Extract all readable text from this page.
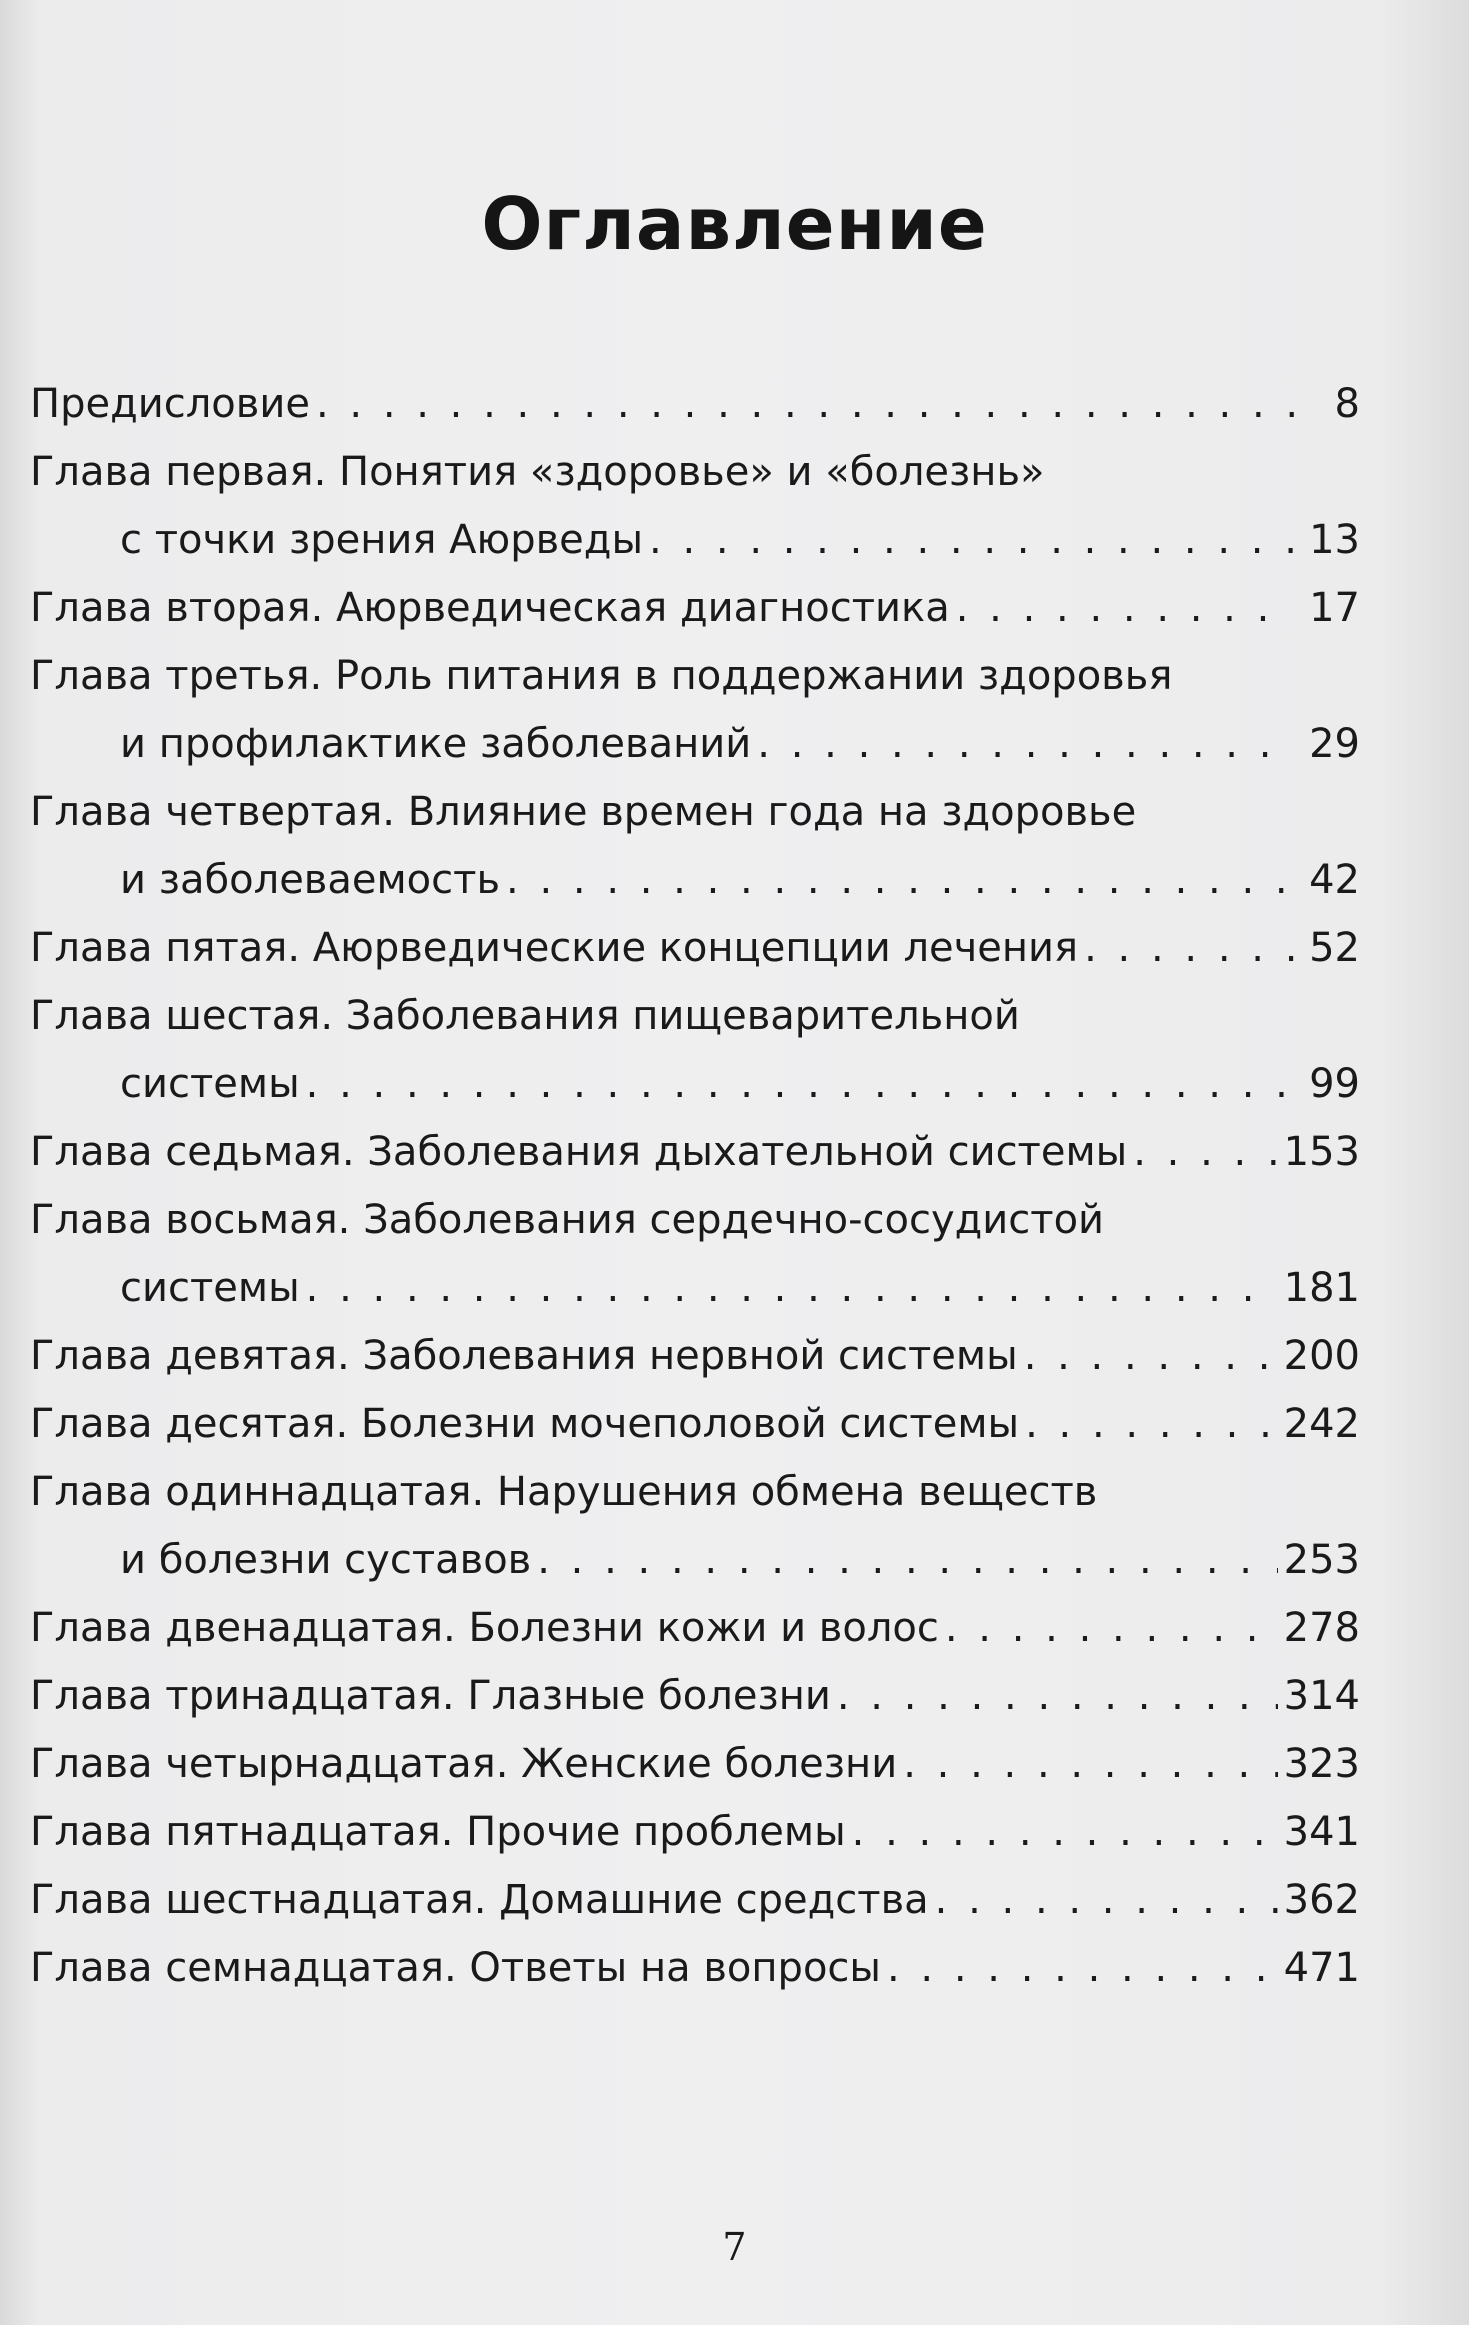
Оглавление
Предисловие . . .	8
Глава первая. Понятия «здоровье» и «болезнь»
с точки зрения Аюрведы . . .	13
Глава вторая. Аюрведическая диагностика . . .	17
Глава третья. Роль питания в поддержании здоровья
и профилактике заболеваний . . .	29
Глава четвертая. Влияние времен года на здоровье
и заболеваемость . . .	42
Глава пятая. Аюрведические концепции лечения . . .	52
Глава шестая. Заболевания пищеварительной
системы . . .	99
Глава седьмая. Заболевания дыхательной системы . . .	153
Глава восьмая. Заболевания сердечно-сосудистой
системы . . .	181
Глава девятая. Заболевания нервной системы . . .	200
Глава десятая. Болезни мочеполовой системы . . .	242
Глава одиннадцатая. Нарушения обмена веществ
и болезни суставов . . .	253
Глава двенадцатая. Болезни кожи и волос . . .	278
Глава тринадцатая. Глазные болезни . . .	314
Глава четырнадцатая. Женские болезни . . .	323
Глава пятнадцатая. Прочие проблемы . . .	341
Глава шестнадцатая. Домашние средства . . .	362
Глава семнадцатая. Ответы на вопросы . . .	471
7
